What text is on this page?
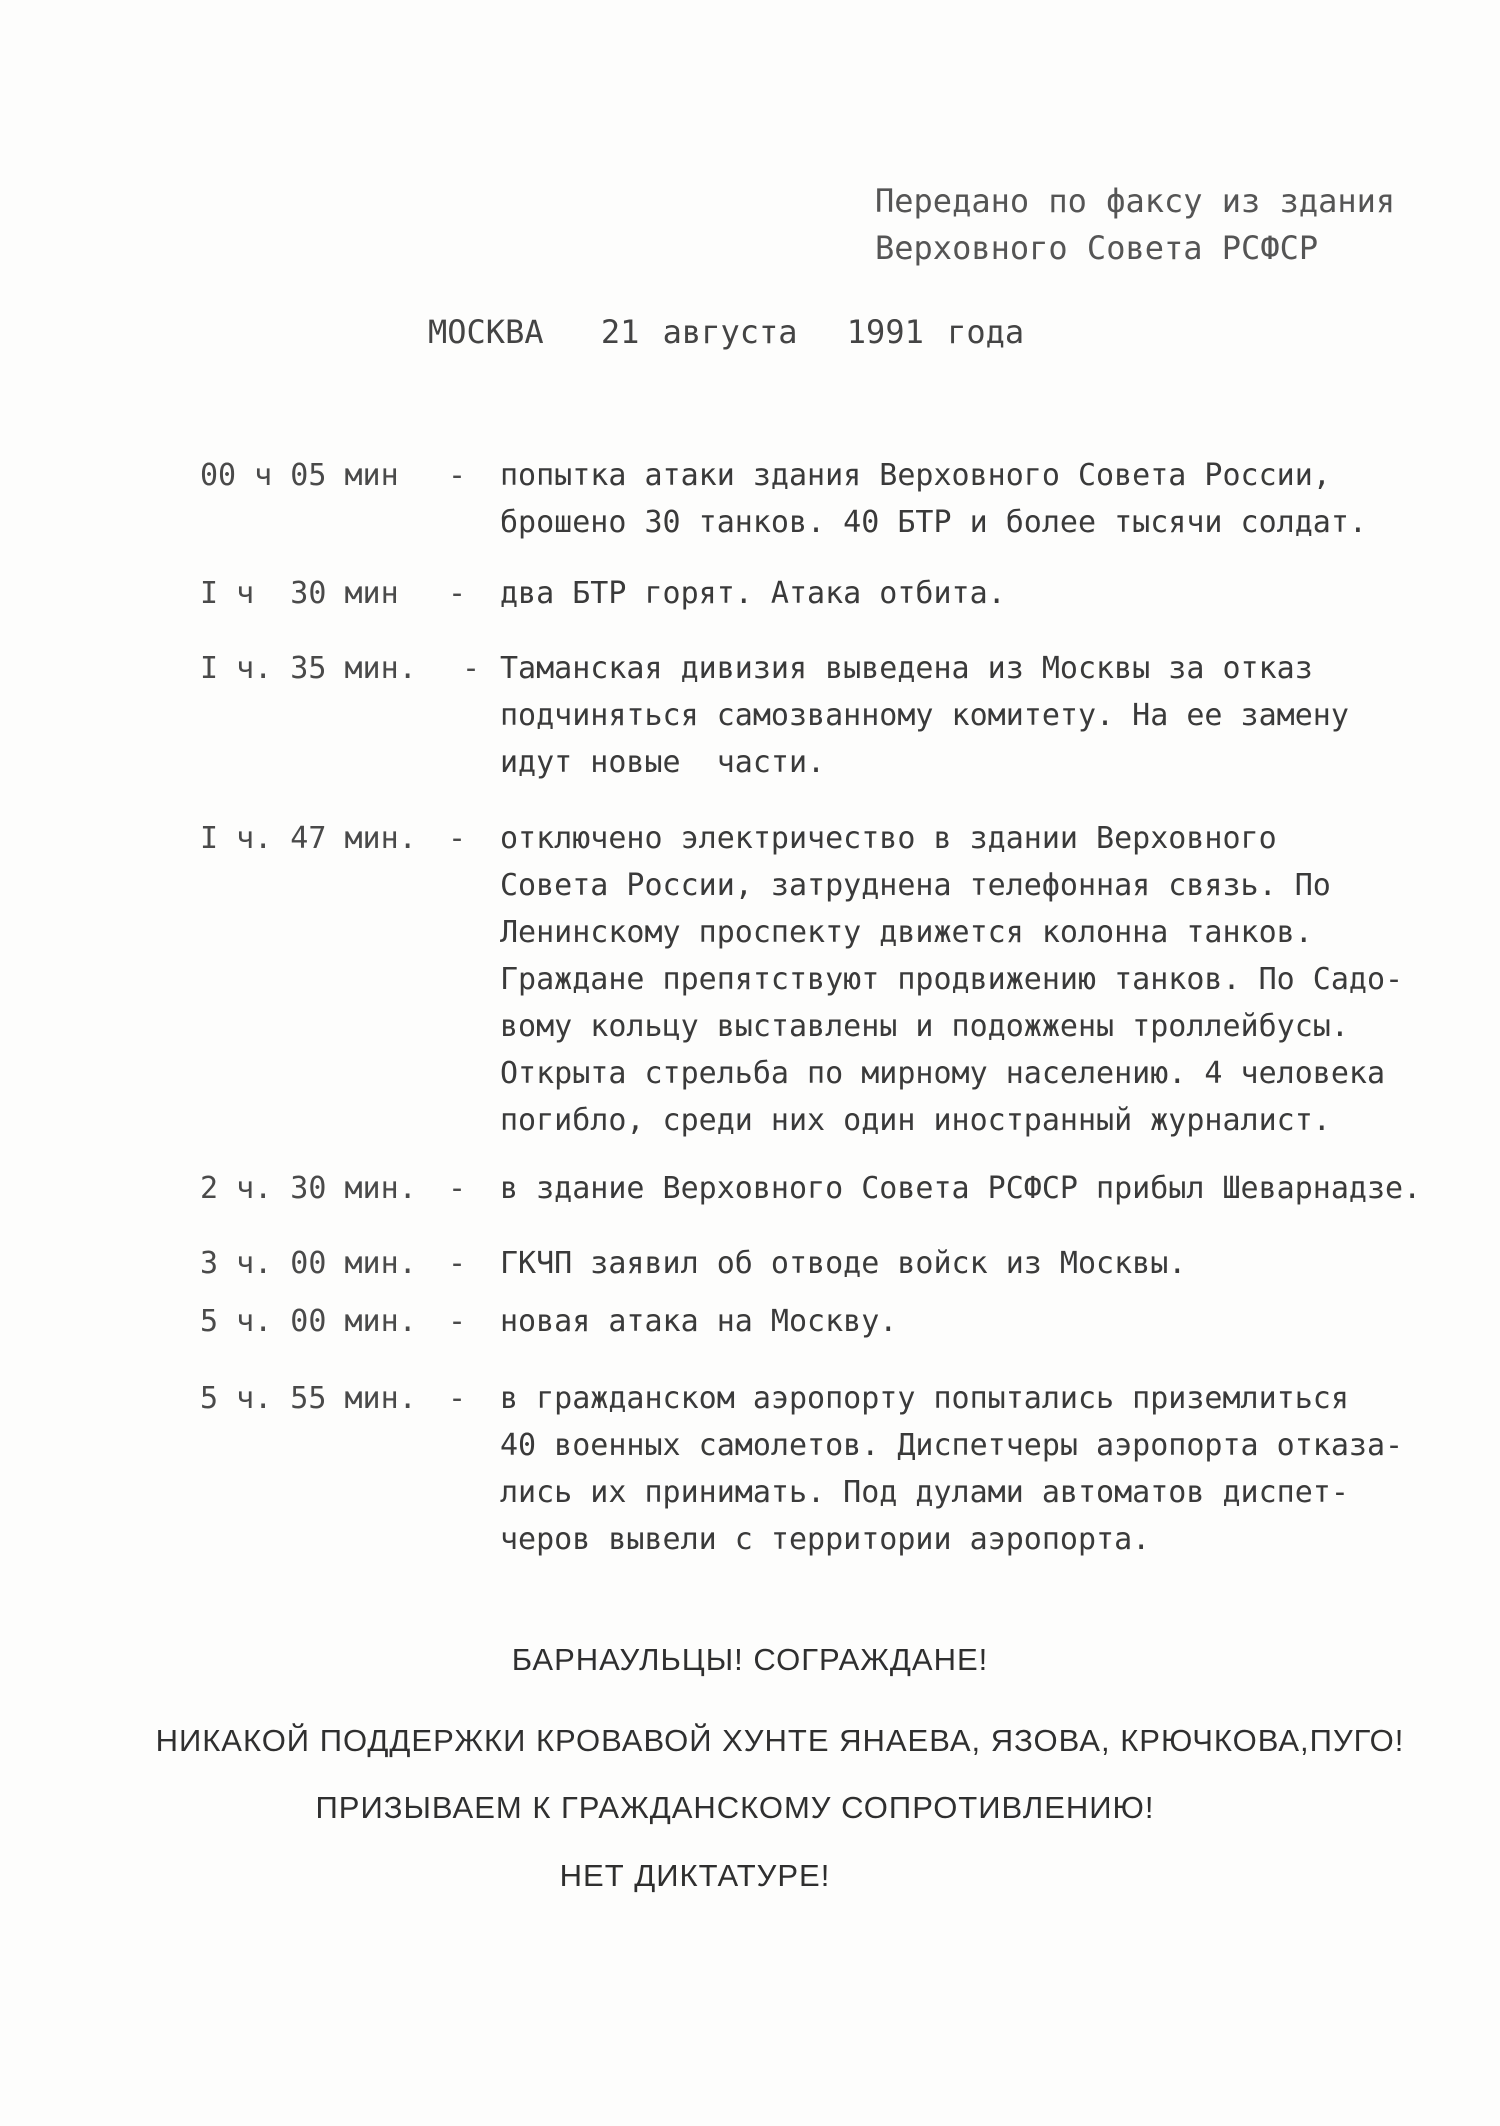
Передано по факсу из здания
Верховного Совета РСФСР
МОСКВА 21 августа 1991 года
00 ч 05 мин - попытка атаки здания Верховного Совета России,
брошено 30 танков. 40 БТР и более тысячи солдат.
I ч  30 мин - два БТР горят. Атака отбита.
I ч. 35 мин. - Таманская дивизия выведена из Москвы за отказ
подчиняться самозванному комитету. На ее замену
идут новые  части.
I ч. 47 мин. - отключено электричество в здании Верховного
Совета России, затруднена телефонная связь. По
Ленинскому проспекту движется колонна танков.
Граждане препятствуют продвижению танков. По Садо-
вому кольцу выставлены и подожжены троллейбусы.
Открыта стрельба по мирному населению. 4 человека
погибло, среди них один иностранный журналист.
2 ч. 30 мин. - в здание Верховного Совета РСФСР прибыл Шеварнадзе.
3 ч. 00 мин. - ГКЧП заявил об отводе войск из Москвы.
5 ч. 00 мин. - новая атака на Москву.
5 ч. 55 мин. - в гражданском аэропорту попытались приземлиться
40 военных самолетов. Диспетчеры аэропорта отказа-
лись их принимать. Под дулами автоматов диспет-
черов вывели с территории аэропорта.
БАРНАУЛЬЦЫ! СОГРАЖДАНЕ!
НИКАКОЙ ПОДДЕРЖКИ КРОВАВОЙ ХУНТЕ ЯНАЕВА, ЯЗОВА, КРЮЧКОВА,ПУГО!
ПРИЗЫВАЕМ К ГРАЖДАНСКОМУ СОПРОТИВЛЕНИЮ!
НЕТ ДИКТАТУРЕ!
